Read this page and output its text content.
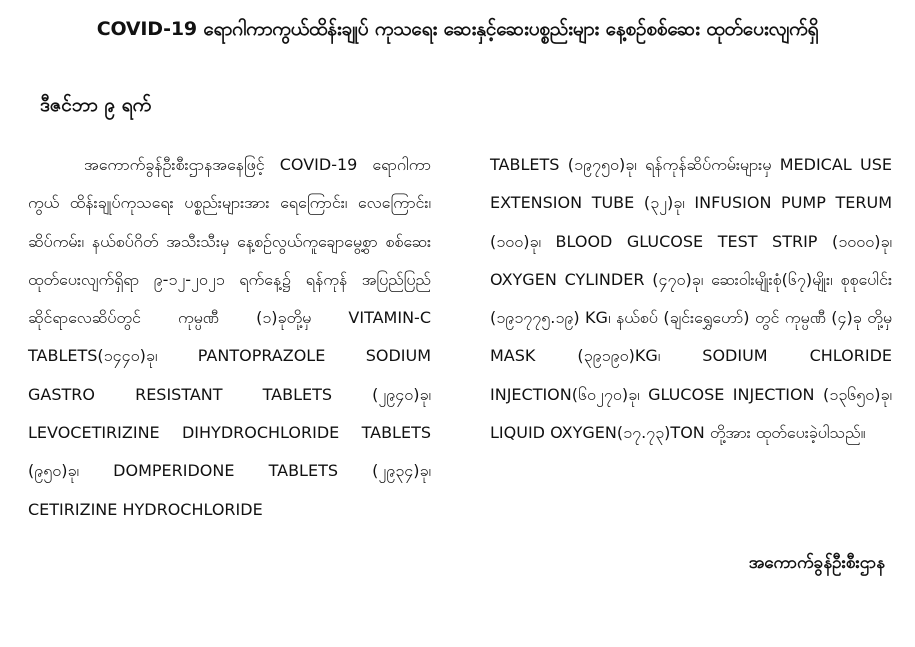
COVID-19 ရောဂါကာကွယ်ထိန်းချုပ် ကုသရေး ဆေးနှင့်ဆေးပစ္စည်းများ နေ့စဉ်စစ်ဆေး ထုတ်ပေးလျက်ရှိ
ဒီဇင်ဘာ ၉ ရက်
အကောက်ခွန်ဦးစီးဌာနအနေဖြင့် COVID-19 ရောဂါကာကွယ် ထိန်းချုပ်ကုသရေး ပစ္စည်းများအား ရေကြောင်း၊ လေကြောင်း၊ ဆိပ်ကမ်း၊ နယ်စပ်ဂိတ် အသီးသီးမှ နေ့စဉ်လွယ်ကူချောမွေ့စွာ စစ်ဆေး ထုတ်ပေးလျက်ရှိရာ ၉-၁၂-၂၀၂၁ ရက်နေ့၌ ရန်ကုန် အပြည်ပြည်ဆိုင်ရာလေဆိပ်တွင် ကုမ္ပဏီ (၁)ခုတို့မှ VITAMIN-C TABLETS(၁၄၄၀)ခု၊ PANTOPRAZOLE SODIUM GASTRO RESISTANT TABLETS (၂၉၄၀)ခု၊ LEVOCETIRIZINE DIHYDROCHLORIDE TABLETS (၉၅၀)ခု၊ DOMPERIDONE TABLETS (၂၉၃၄)ခု၊ CETIRIZINE HYDROCHLORIDE
TABLETS (၁၉၇၅၀)ခု၊ ရန်ကုန်ဆိပ်ကမ်းများမှ MEDICAL USE EXTENSION TUBE (၃၂)ခု၊ INFUSION PUMP TERUM (၁၀၀)ခု၊ BLOOD GLUCOSE TEST STRIP (၁၀၀၀)ခု၊ OXYGEN CYLINDER (၄၇၀)ခု၊ ဆေးဝါးမျိုးစုံ(၆၇)မျိုး၊ စုစုပေါင်း (၁၉၁၇၇၅.၁၉) KG၊ နယ်စပ် (ချင်းရွှေဟော်) တွင် ကုမ္ပဏီ (၄)ခု တို့မှ MASK (၃၉၁၉၀)KG၊ SODIUM CHLORIDE INJECTION(၆၀၂၇၀)ခု၊ GLUCOSE INJECTION (၁၃၆၅၀)ခု၊ LIQUID OXYGEN(၁၇.၇၃)TON တို့အား ထုတ်ပေးခဲ့ပါသည်။
အကောက်ခွန်ဦးစီးဌာန
